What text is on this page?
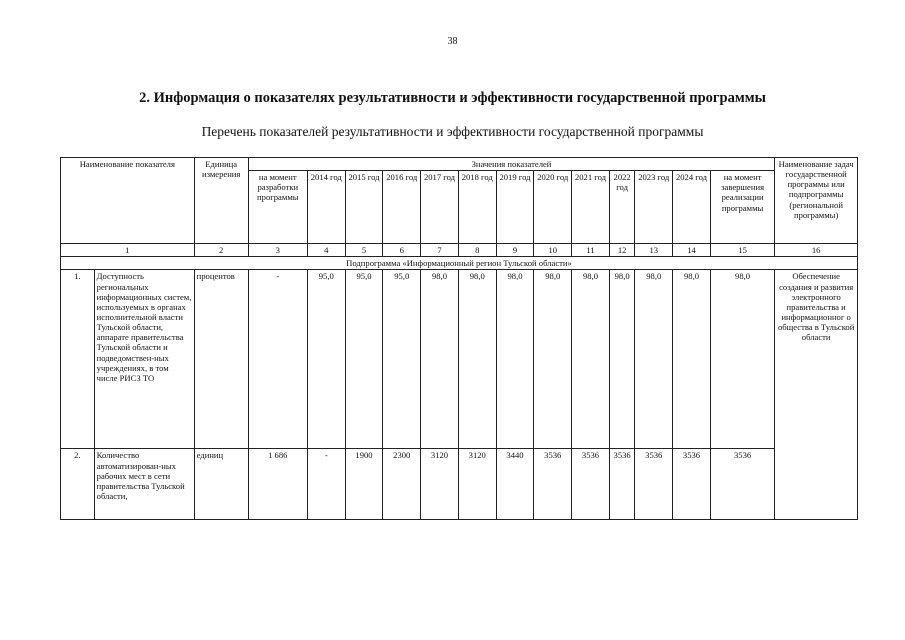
38
2. Информация о показателях результативности и эффективности государственной программы
Перечень показателей результативности и эффективности государственной программы
Наименование показателя		Единица измерения	Значения показателей													Наименование задач государственной программы или подпрограммы (региональной программы)
			на момент разработки программы	2014 год	2015 год	2016 год	2017 год	2018 год	2019 год	2020 год	2021 год	2022 год	2023 год	2024 год	на момент завершения реализации программы	
1		2	3	4	5	6	7	8	9	10	11	12	13	14	15	16
Подпрограмма «Информационный регион Тульской области»																
1.	Доступность региональных информационных систем, используемых в органах исполнительной власти Тульской области, аппарате правительства Тульской области и подведомствен-ных учреждениях, в том числе РИСЗ ТО	процентов	-	95,0	95,0	95,0	98,0	98,0	98,0	98,0	98,0	98,0	98,0	98,0	98,0	Обеспечение создания и развития электронного правительства и информационног о общества в Тульской области
2.	Количество автоматизирован-ных рабочих мест в сети правительства Тульской области,	единиц	1 686	-	1900	2300	3120	3120	3440	3536	3536	3536	3536	3536	3536	
